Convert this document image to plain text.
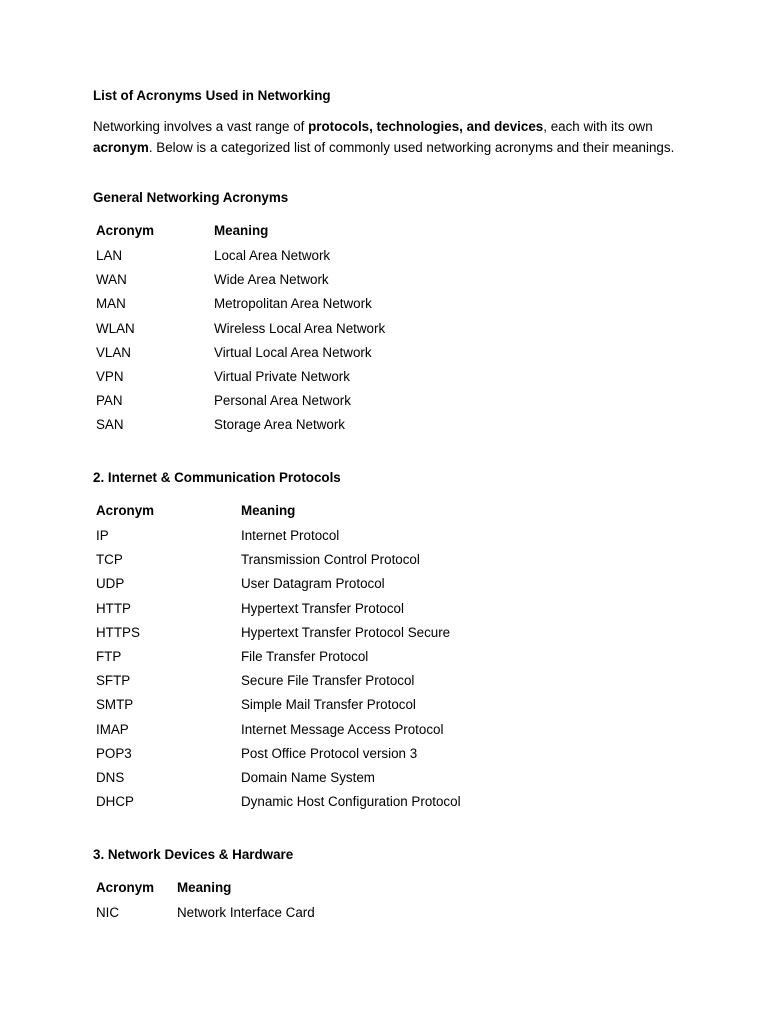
List of Acronyms Used in Networking

Networking involves a vast range of protocols, technologies, and devices, each with its own acronym. Below is a categorized list of commonly used networking acronyms and their meanings.

General Networking Acronyms

Acronym	Meaning
LAN	Local Area Network
WAN	Wide Area Network
MAN	Metropolitan Area Network
WLAN	Wireless Local Area Network
VLAN	Virtual Local Area Network
VPN	Virtual Private Network
PAN	Personal Area Network
SAN	Storage Area Network

2. Internet & Communication Protocols

Acronym	Meaning
IP	Internet Protocol
TCP	Transmission Control Protocol
UDP	User Datagram Protocol
HTTP	Hypertext Transfer Protocol
HTTPS	Hypertext Transfer Protocol Secure
FTP	File Transfer Protocol
SFTP	Secure File Transfer Protocol
SMTP	Simple Mail Transfer Protocol
IMAP	Internet Message Access Protocol
POP3	Post Office Protocol version 3
DNS	Domain Name System
DHCP	Dynamic Host Configuration Protocol

3. Network Devices & Hardware

Acronym	Meaning
NIC	Network Interface Card
